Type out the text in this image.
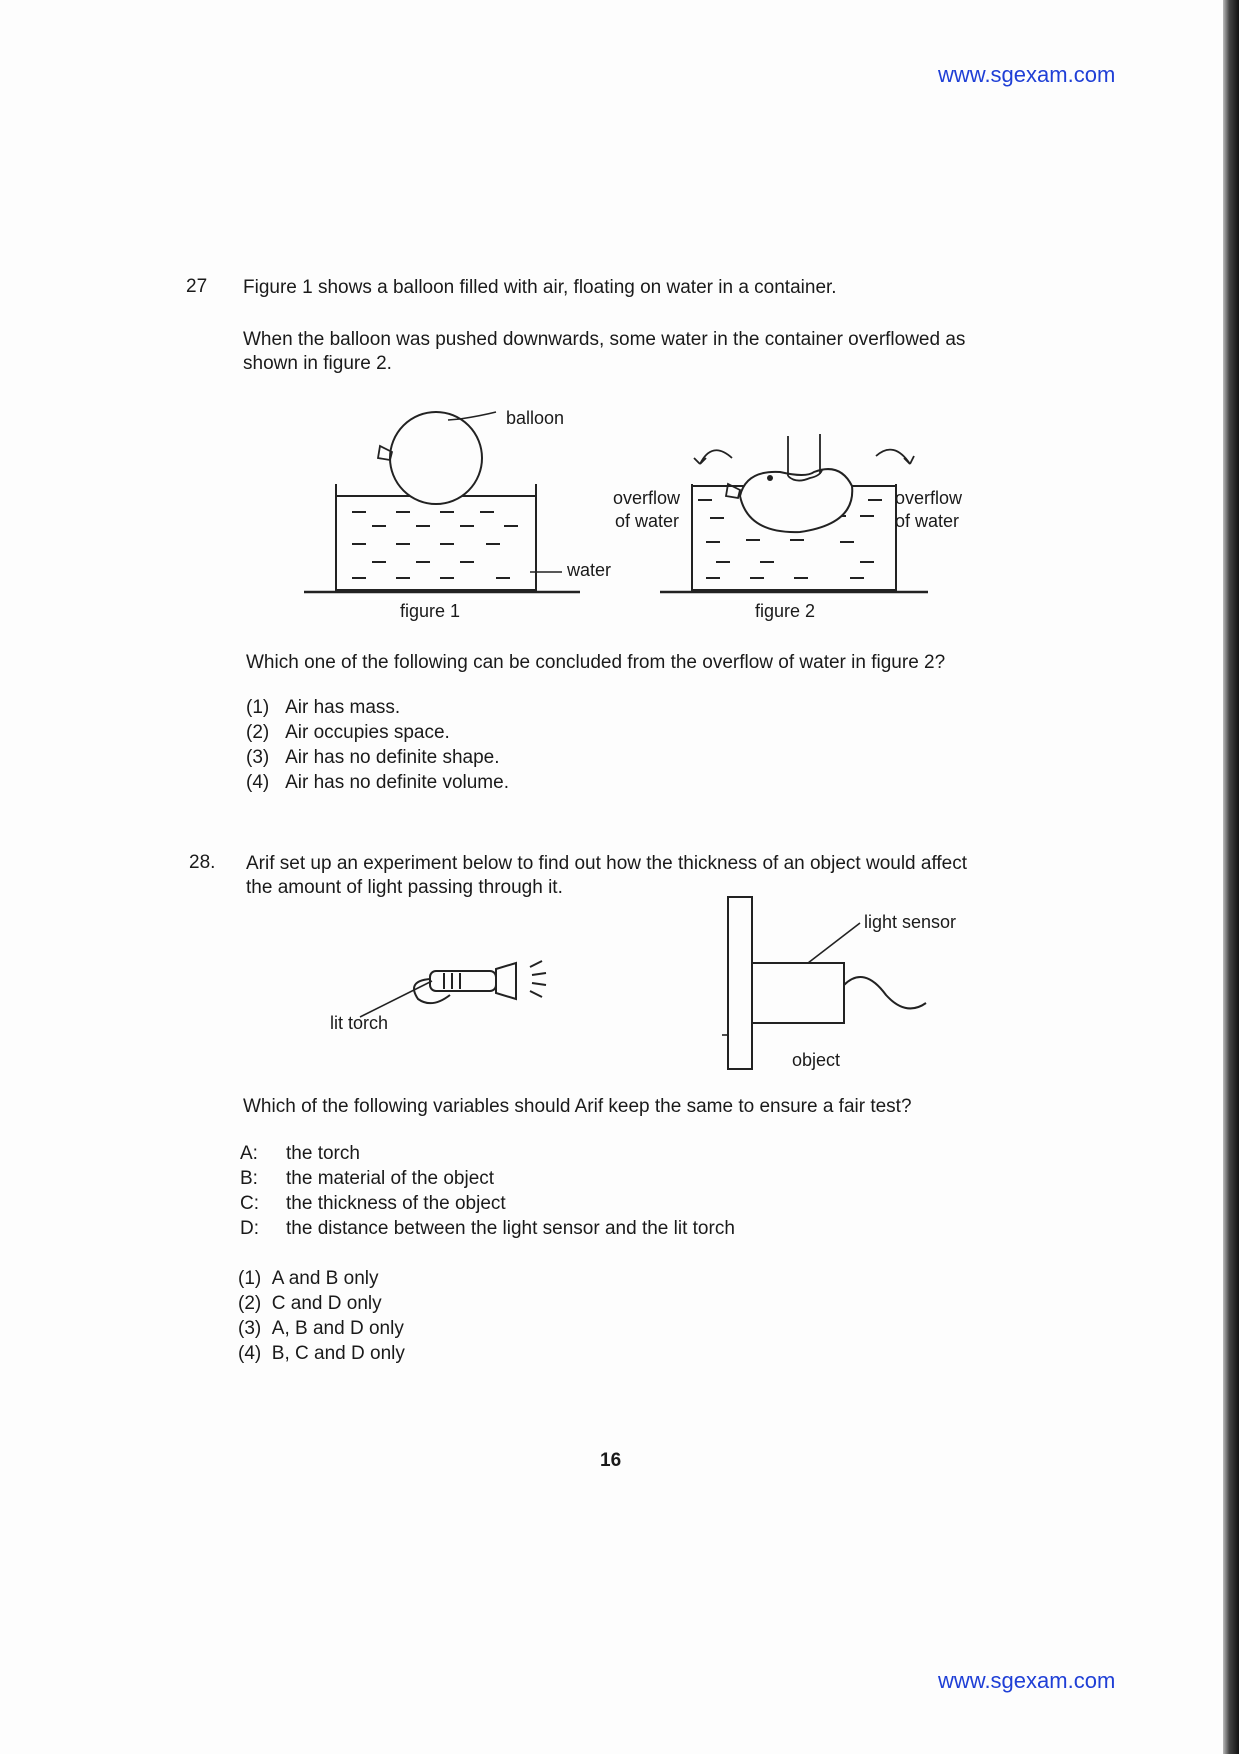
www.sgexam.com
27 Figure 1 shows a balloon filled with air, floating on water in a container.
When the balloon was pushed downwards, some water in the container overflowed as
shown in figure 2.
balloon
water
overflow
of water
overflow
of water
figure 1	figure 2
Which one of the following can be concluded from the overflow of water in figure 2?
(1) Air has mass.
(2) Air occupies space.
(3) Air has no definite shape.
(4) Air has no definite volume.
28. Arif set up an experiment below to find out how the thickness of an object would affect
the amount of light passing through it.
light sensor
lit torch
object
Which of the following variables should Arif keep the same to ensure a fair test?
A: the torch
B: the material of the object
C: the thickness of the object
D: the distance between the light sensor and the lit torch
(1) A and B only
(2) C and D only
(3) A, B and D only
(4) B, C and D only
16
www.sgexam.com
